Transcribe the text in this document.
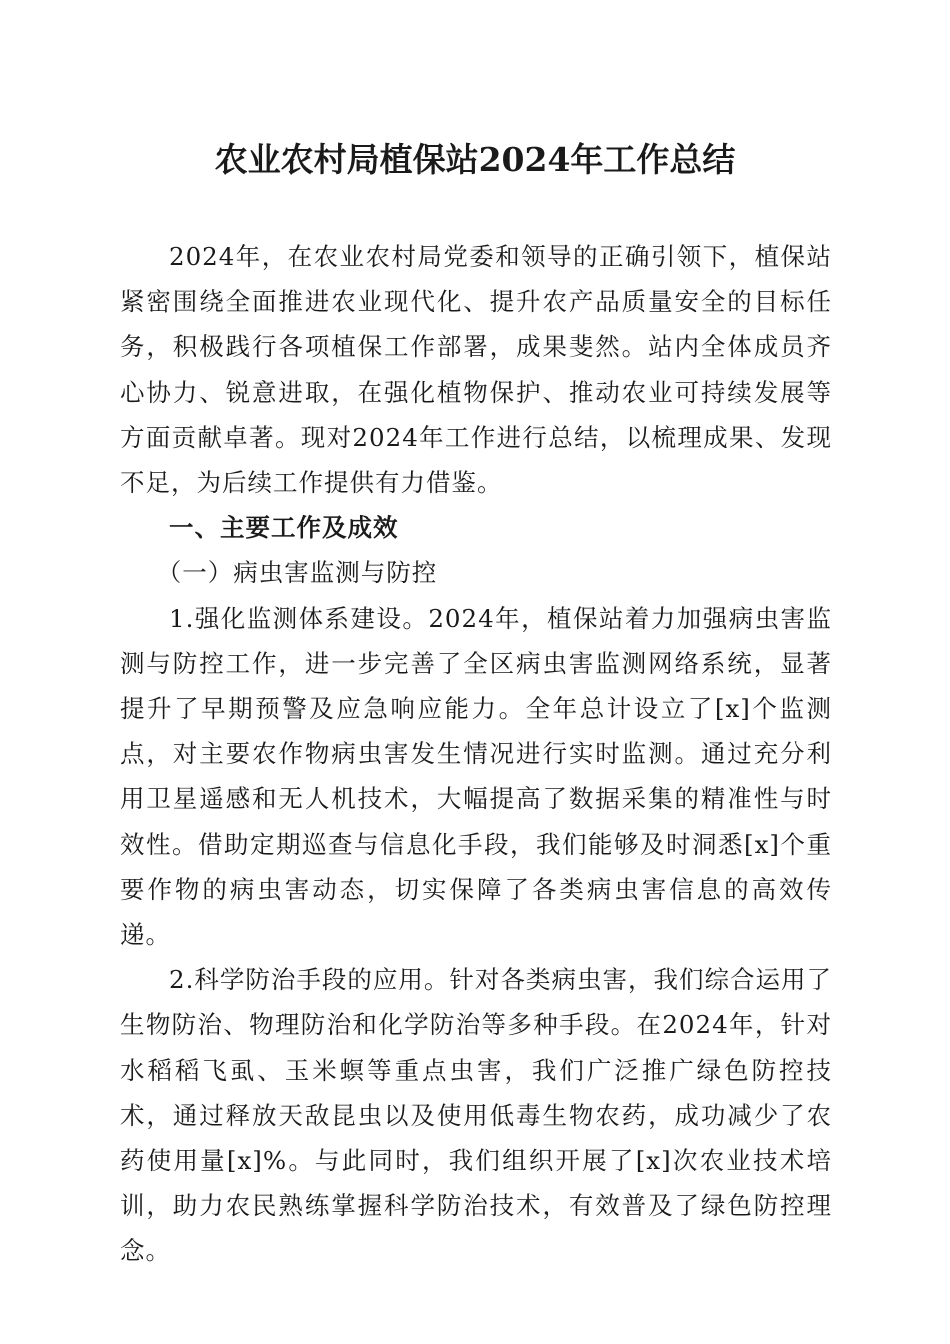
农业农村局植保站2024年工作总结

2024年，在农业农村局党委和领导的正确引领下，植保站紧密围绕全面推进农业现代化、提升农产品质量安全的目标任务，积极践行各项植保工作部署，成果斐然。站内全体成员齐心协力、锐意进取，在强化植物保护、推动农业可持续发展等方面贡献卓著。现对2024年工作进行总结，以梳理成果、发现不足，为后续工作提供有力借鉴。

一、主要工作及成效

（一）病虫害监测与防控

1.强化监测体系建设。2024年，植保站着力加强病虫害监测与防控工作，进一步完善了全区病虫害监测网络系统，显著提升了早期预警及应急响应能力。全年总计设立了[x]个监测点，对主要农作物病虫害发生情况进行实时监测。通过充分利用卫星遥感和无人机技术，大幅提高了数据采集的精准性与时效性。借助定期巡查与信息化手段，我们能够及时洞悉[x]个重要作物的病虫害动态，切实保障了各类病虫害信息的高效传递。

2.科学防治手段的应用。针对各类病虫害，我们综合运用了生物防治、物理防治和化学防治等多种手段。在2024年，针对水稻稻飞虱、玉米螟等重点虫害，我们广泛推广绿色防控技术，通过释放天敌昆虫以及使用低毒生物农药，成功减少了农药使用量[x]%。与此同时，我们组织开展了[x]次农业技术培训，助力农民熟练掌握科学防治技术，有效普及了绿色防控理念。
